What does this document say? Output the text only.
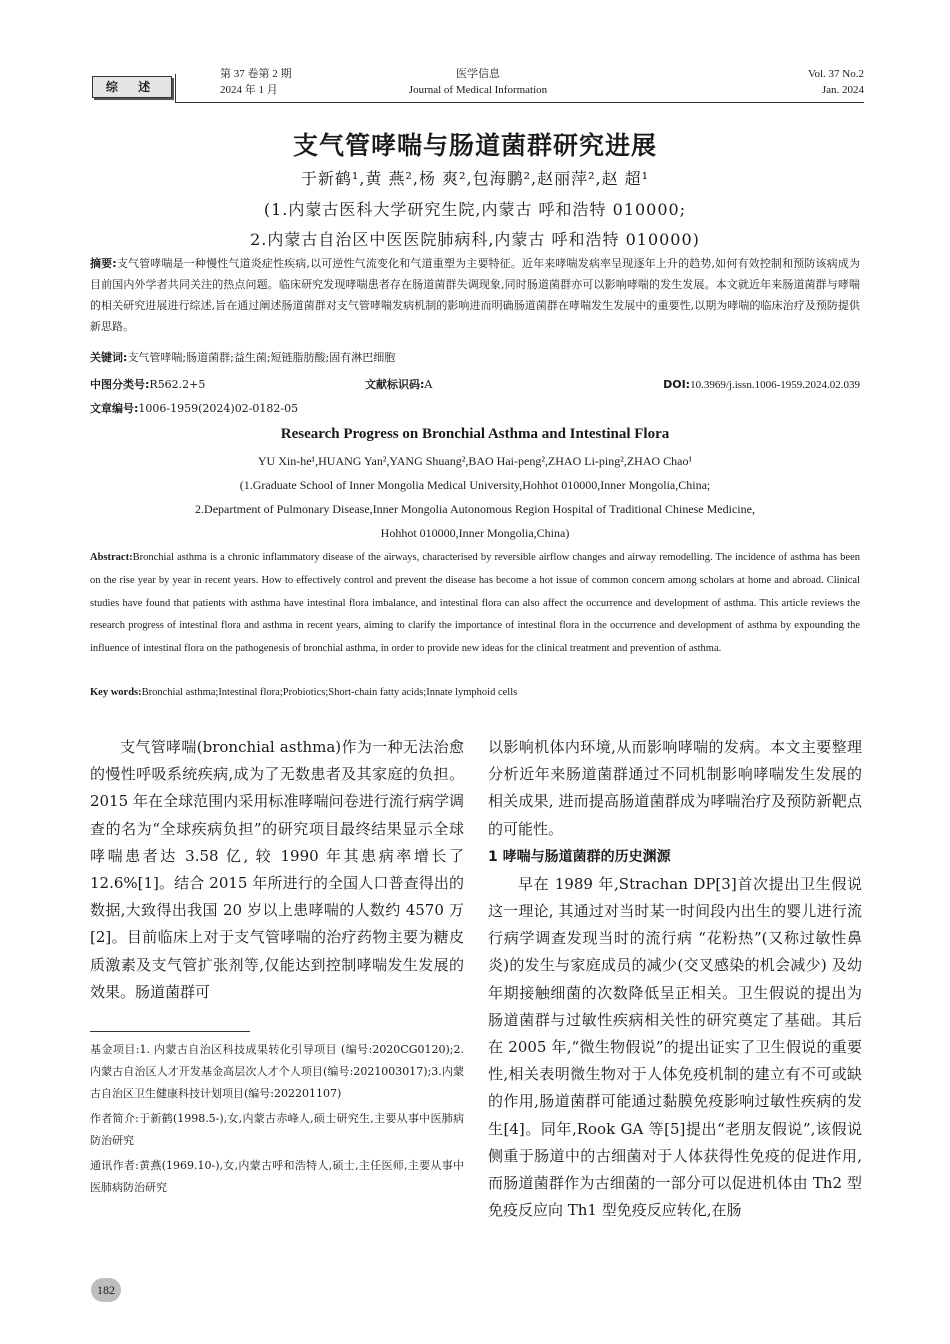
综 述
第 37 卷第 2 期
2024 年 1 月
医学信息
Journal of Medical Information
Vol. 37 No.2
Jan. 2024
支气管哮喘与肠道菌群研究进展
于新鹤¹,黄 燕²,杨 爽²,包海鹏²,赵丽萍²,赵 超¹
(1.内蒙古医科大学研究生院,内蒙古 呼和浩特 010000;
2.内蒙古自治区中医医院肺病科,内蒙古 呼和浩特 010000)
摘要:支气管哮喘是一种慢性气道炎症性疾病,以可逆性气流变化和气道重塑为主要特征。近年来哮喘发病率呈现逐年上升的趋势,如何有效控制和预防该病成为目前国内外学者共同关注的热点问题。临床研究发现哮喘患者存在肠道菌群失调现象,同时肠道菌群亦可以影响哮喘的发生发展。本文就近年来肠道菌群与哮喘的相关研究进展进行综述,旨在通过阐述肠道菌群对支气管哮喘发病机制的影响进而明确肠道菌群在哮喘发生发展中的重要性,以期为哮喘的临床治疗及预防提供新思路。
关键词:支气管哮喘;肠道菌群;益生菌;短链脂肪酸;固有淋巴细胞
中图分类号:R562.2+5	文献标识码:A	DOI:10.3969/j.issn.1006-1959.2024.02.039
文章编号:1006-1959(2024)02-0182-05
Research Progress on Bronchial Asthma and Intestinal Flora
YU Xin-he¹,HUANG Yan²,YANG Shuang²,BAO Hai-peng²,ZHAO Li-ping²,ZHAO Chao¹
(1.Graduate School of Inner Mongolia Medical University,Hohhot 010000,Inner Mongolia,China;
2.Department of Pulmonary Disease,Inner Mongolia Autonomous Region Hospital of Traditional Chinese Medicine,
Hohhot 010000,Inner Mongolia,China)
Abstract:Bronchial asthma is a chronic inflammatory disease of the airways, characterised by reversible airflow changes and airway remodelling. The incidence of asthma has been on the rise year by year in recent years. How to effectively control and prevent the disease has become a hot issue of common concern among scholars at home and abroad. Clinical studies have found that patients with asthma have intestinal flora imbalance, and intestinal flora can also affect the occurrence and development of asthma. This article reviews the research progress of intestinal flora and asthma in recent years, aiming to clarify the importance of intestinal flora in the occurrence and development of asthma by expounding the influence of intestinal flora on the pathogenesis of bronchial asthma, in order to provide new ideas for the clinical treatment and prevention of asthma.
Key words:Bronchial asthma;Intestinal flora;Probiotics;Short-chain fatty acids;Innate lymphoid cells

支气管哮喘(bronchial asthma)作为一种无法治愈的慢性呼吸系统疾病,成为了无数患者及其家庭的负担。2015 年在全球范围内采用标准哮喘问卷进行流行病学调查的名为“全球疾病负担”的研究项目最终结果显示全球哮喘患者达 3.58 亿, 较 1990 年其患病率增长了 12.6%[1]。结合 2015 年所进行的全国人口普查得出的数据,大致得出我国 20 岁以上患哮喘的人数约 4570 万[2]。目前临床上对于支气管哮喘的治疗药物主要为糖皮质激素及支气管扩张剂等,仅能达到控制哮喘发生发展的效果。肠道菌群可

以影响机体内环境,从而影响哮喘的发病。本文主要整理分析近年来肠道菌群通过不同机制影响哮喘发生发展的相关成果, 进而提高肠道菌群成为哮喘治疗及预防新靶点的可能性。

1 哮喘与肠道菌群的历史渊源

早在 1989 年,Strachan DP[3]首次提出卫生假说这一理论, 其通过对当时某一时间段内出生的婴儿进行流行病学调查发现当时的流行病 “花粉热”(又称过敏性鼻炎)的发生与家庭成员的减少(交叉感染的机会减少) 及幼年期接触细菌的次数降低呈正相关。卫生假说的提出为肠道菌群与过敏性疾病相关性的研究奠定了基础。其后在 2005 年,“微生物假说”的提出证实了卫生假说的重要性,相关表明微生物对于人体免疫机制的建立有不可或缺的作用,肠道菌群可能通过黏膜免疫影响过敏性疾病的发生[4]。同年,Rook GA 等[5]提出“老朋友假说”,该假说侧重于肠道中的古细菌对于人体获得性免疫的促进作用, 而肠道菌群作为古细菌的一部分可以促进机体由 Th2 型免疫反应向 Th1 型免疫反应转化,在肠

基金项目:1. 内蒙古自治区科技成果转化引导项目 (编号:2020CG0120);2. 内蒙古自治区人才开发基金高层次人才个人项目(编号:2021003017);3.内蒙古自治区卫生健康科技计划项目(编号:202201107)

作者简介:于新鹤(1998.5-),女,内蒙古赤峰人,硕士研究生,主要从事中医肺病防治研究

通讯作者:黄燕(1969.10-),女,内蒙古呼和浩特人,硕士,主任医师,主要从事中医肺病防治研究

182
